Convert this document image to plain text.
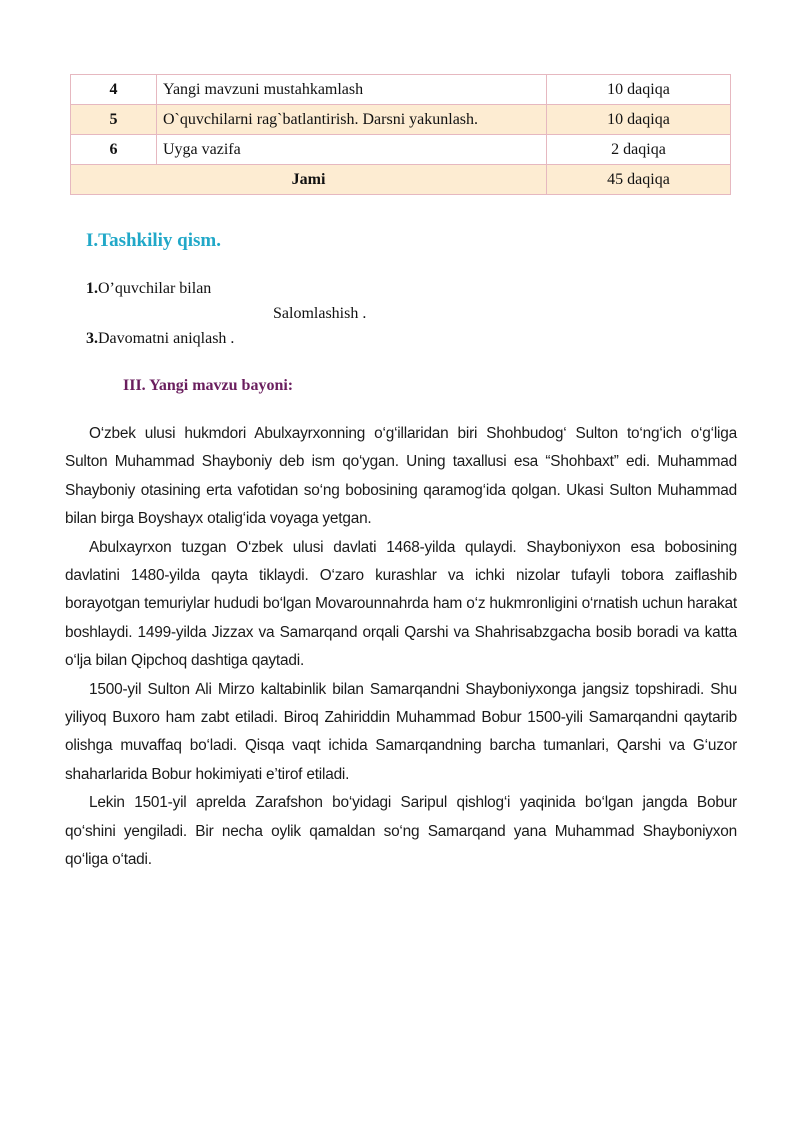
4	Yangi mavzuni mustahkamlash	10 daqiqa
5	O`quvchilarni rag`batlantirish. Darsni yakunlash.	10 daqiqa
6	Uyga vazifa	2 daqiqa
Jami		45 daqiqa
I.Tashkiliy qism.

1.O’quvchilar bilan

Salomlashish .

3.Davomatni aniqlash .

III. Yangi mavzu bayoni:

O‘zbek ulusi hukmdori Abulxayrxonning o‘g‘illaridan biri Shohbudog‘ Sulton to‘ng‘ich o‘g‘liga Sulton Muhammad Shayboniy deb ism qo‘ygan. Uning taxallusi esa “Shohbaxt” edi. Muhammad Shayboniy otasining erta vafotidan so‘ng bobosining qaramog‘ida qolgan. Ukasi Sulton Muhammad bilan birga Boyshayx otalig‘ida voyaga yetgan.

Abulxayrxon tuzgan O‘zbek ulusi davlati 1468-yilda qulaydi. Shayboniyxon esa bobosining davlatini 1480-yilda qayta tiklaydi. O‘zaro kurashlar va ichki nizolar tufayli tobora zaiflashib borayotgan temuriylar hududi bo‘lgan Movarounnahrda ham o‘z hukmronligini o‘rnatish uchun harakat boshlaydi. 1499-yilda Jizzax va Samarqand orqali Qarshi va Shahrisabzgacha bosib boradi va katta o‘lja bilan Qipchoq dashtiga qaytadi.

1500-yil Sulton Ali Mirzo kaltabinlik bilan Samarqandni Shayboniyxonga jangsiz topshiradi. Shu yiliyoq Buxoro ham zabt etiladi. Biroq Zahiriddin Muhammad Bobur 1500-yili Samarqandni qaytarib olishga muvaffaq bo‘ladi. Qisqa vaqt ichida Samarqandning barcha tumanlari, Qarshi va G‘uzor shaharlarida Bobur hokimiyati e’tirof etiladi.

Lekin 1501-yil aprelda Zarafshon bo‘yidagi Saripul qishlog‘i yaqinida bo‘lgan jangda Bobur qo‘shini yengiladi. Bir necha oylik qamaldan so‘ng Samarqand yana Muhammad Shayboniyxon qo‘liga o‘tadi.
